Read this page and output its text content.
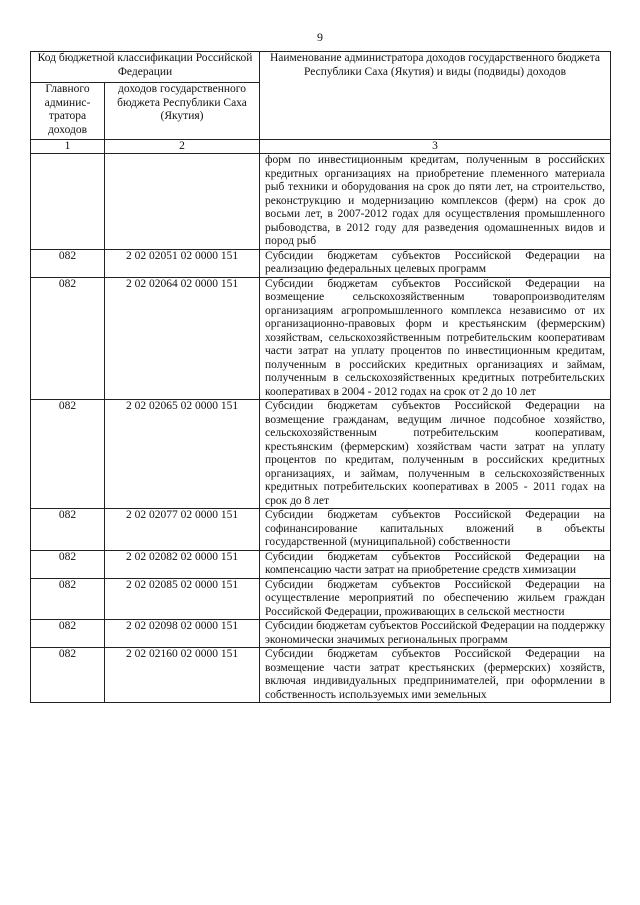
9
Код бюджетной классификации Российской Федерации		Наименование администратора доходов государственного бюджета Республики Саха (Якутия) и виды (подвиды) доходов
Главного админис-тратора доходов	доходов государственного бюджета Республики Саха (Якутия)	
1	2	3
		форм по инвестиционным кредитам, полученным в российских кредитных организациях на приобретение племенного материала рыб техники и оборудования на срок до пяти лет, на строительство, реконструкцию и модернизацию комплексов (ферм) на срок до восьми лет, в 2007-2012 годах для осуществления промышленного рыбоводства, в 2012 году для разведения одомашненных видов и пород рыб
082	2 02 02051 02 0000 151	Субсидии бюджетам субъектов Российской Федерации на реализацию федеральных целевых программ
082	2 02 02064 02 0000 151	Субсидии бюджетам субъектов Российской Федерации на возмещение сельскохозяйственным товаропроизводителям организациям агропромышленного комплекса независимо от их организационно-правовых форм и крестьянским (фермерским) хозяйствам, сельскохозяйственным потребительским кооперативам части затрат на уплату процентов по инвестиционным кредитам, полученным в российских кредитных организациях и займам, полученным в сельскохозяйственных кредитных потребительских кооперативах в 2004 - 2012 годах на срок от 2 до 10 лет
082	2 02 02065 02 0000 151	Субсидии бюджетам субъектов Российской Федерации на возмещение гражданам, ведущим личное подсобное хозяйство, сельскохозяйственным потребительским кооперативам, крестьянским (фермерским) хозяйствам части затрат на уплату процентов по кредитам, полученным в российских кредитных организациях, и займам, полученным в сельскохозяйственных кредитных потребительских кооперативах в 2005 - 2011 годах на срок до 8 лет
082	2 02 02077 02 0000 151	Субсидии бюджетам субъектов Российской Федерации на софинансирование капитальных вложений в объекты государственной (муниципальной) собственности
082	2 02 02082 02 0000 151	Субсидии бюджетам субъектов Российской Федерации на компенсацию части затрат на приобретение средств химизации
082	2 02 02085 02 0000 151	Субсидии бюджетам субъектов Российской Федерации на осуществление мероприятий по обеспечению жильем граждан Российской Федерации, проживающих в сельской местности
082	2 02 02098 02 0000 151	Субсидии бюджетам субъектов Российской Федерации на поддержку экономически значимых региональных программ
082	2 02 02160 02 0000 151	Субсидии бюджетам субъектов Российской Федерации на возмещение части затрат крестьянских (фермерских) хозяйств, включая индивидуальных предпринимателей, при оформлении в собственность используемых ими земельных
